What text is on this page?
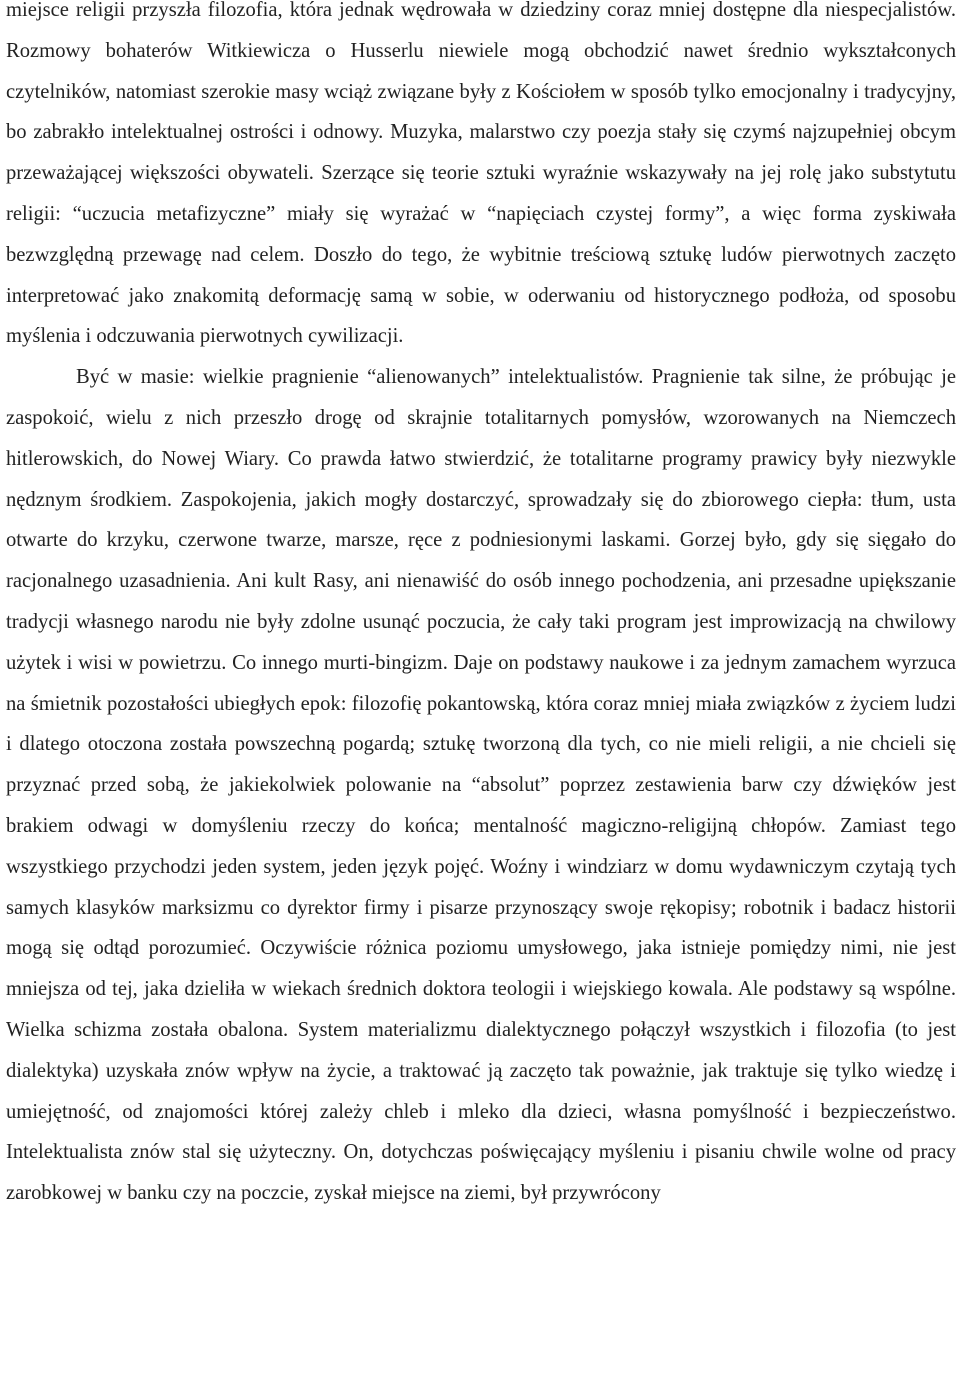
miejsce religii przyszła filozofia, która jednak wędrowała w dziedziny coraz mniej dostępne dla niespecjalistów. Rozmowy bohaterów Witkiewicza o Husserlu niewiele mogą obchodzić nawet średnio wykształconych czytelników, natomiast szerokie masy wciąż związane były z Kościołem w sposób tylko emocjonalny i tradycyjny, bo zabrakło intelektualnej ostrości i odnowy. Muzyka, malarstwo czy poezja stały się czymś najzupełniej obcym przeważającej większości obywateli. Szerzące się teorie sztuki wyraźnie wskazywały na jej rolę jako substytutu religii: “uczucia metafizyczne” miały się wyrażać w “napięciach czystej formy”, a więc forma zyskiwała bezwzględną przewagę nad celem. Doszło do tego, że wybitnie treściową sztukę ludów pierwotnych zaczęto interpretować jako znakomitą deformację samą w sobie, w oderwaniu od historycznego podłoża, od sposobu myślenia i odczuwania pierwotnych cywilizacji.

Być w masie: wielkie pragnienie “alienowanych” intelektualistów. Pragnienie tak silne, że próbując je zaspokoić, wielu z nich przeszło drogę od skrajnie totalitarnych pomysłów, wzorowanych na Niemczech hitlerowskich, do Nowej Wiary. Co prawda łatwo stwierdzić, że totalitarne programy prawicy były niezwykle nędznym środkiem. Zaspokojenia, jakich mogły dostarczyć, sprowadzały się do zbiorowego ciepła: tłum, usta otwarte do krzyku, czerwone twarze, marsze, ręce z podniesionymi laskami. Gorzej było, gdy się sięgało do racjonalnego uzasadnienia. Ani kult Rasy, ani nienawiść do osób innego pochodzenia, ani przesadne upiększanie tradycji własnego narodu nie były zdolne usunąć poczucia, że cały taki program jest improwizacją na chwilowy użytek i wisi w powietrzu. Co innego murti-bingizm. Daje on podstawy naukowe i za jednym zamachem wyrzuca na śmietnik pozostałości ubiegłych epok: filozofię pokantowską, która coraz mniej miała związków z życiem ludzi i dlatego otoczona została powszechną pogardą; sztukę tworzoną dla tych, co nie mieli religii, a nie chcieli się przyznać przed sobą, że jakiekolwiek polowanie na “absolut” poprzez zestawienia barw czy dźwięków jest brakiem odwagi w domyśleniu rzeczy do końca; mentalność magiczno-religijną chłopów. Zamiast tego wszystkiego przychodzi jeden system, jeden język pojęć. Woźny i windziarz w domu wydawniczym czytają tych samych klasyków marksizmu co dyrektor firmy i pisarze przynoszący swoje rękopisy; robotnik i badacz historii mogą się odtąd porozumieć. Oczywiście różnica poziomu umysłowego, jaka istnieje pomiędzy nimi, nie jest mniejsza od tej, jaka dzieliła w wiekach średnich doktora teologii i wiejskiego kowala. Ale podstawy są wspólne. Wielka schizma została obalona. System materializmu dialektycznego połączył wszystkich i filozofia (to jest dialektyka) uzyskała znów wpływ na życie, a traktować ją zaczęto tak poważnie, jak traktuje się tylko wiedzę i umiejętność, od znajomości której zależy chleb i mleko dla dzieci, własna pomyślność i bezpieczeństwo. Intelektualista znów stal się użyteczny. On, dotychczas poświęcający myśleniu i pisaniu chwile wolne od pracy zarobkowej w banku czy na poczcie, zyskał miejsce na ziemi, był przywrócony
